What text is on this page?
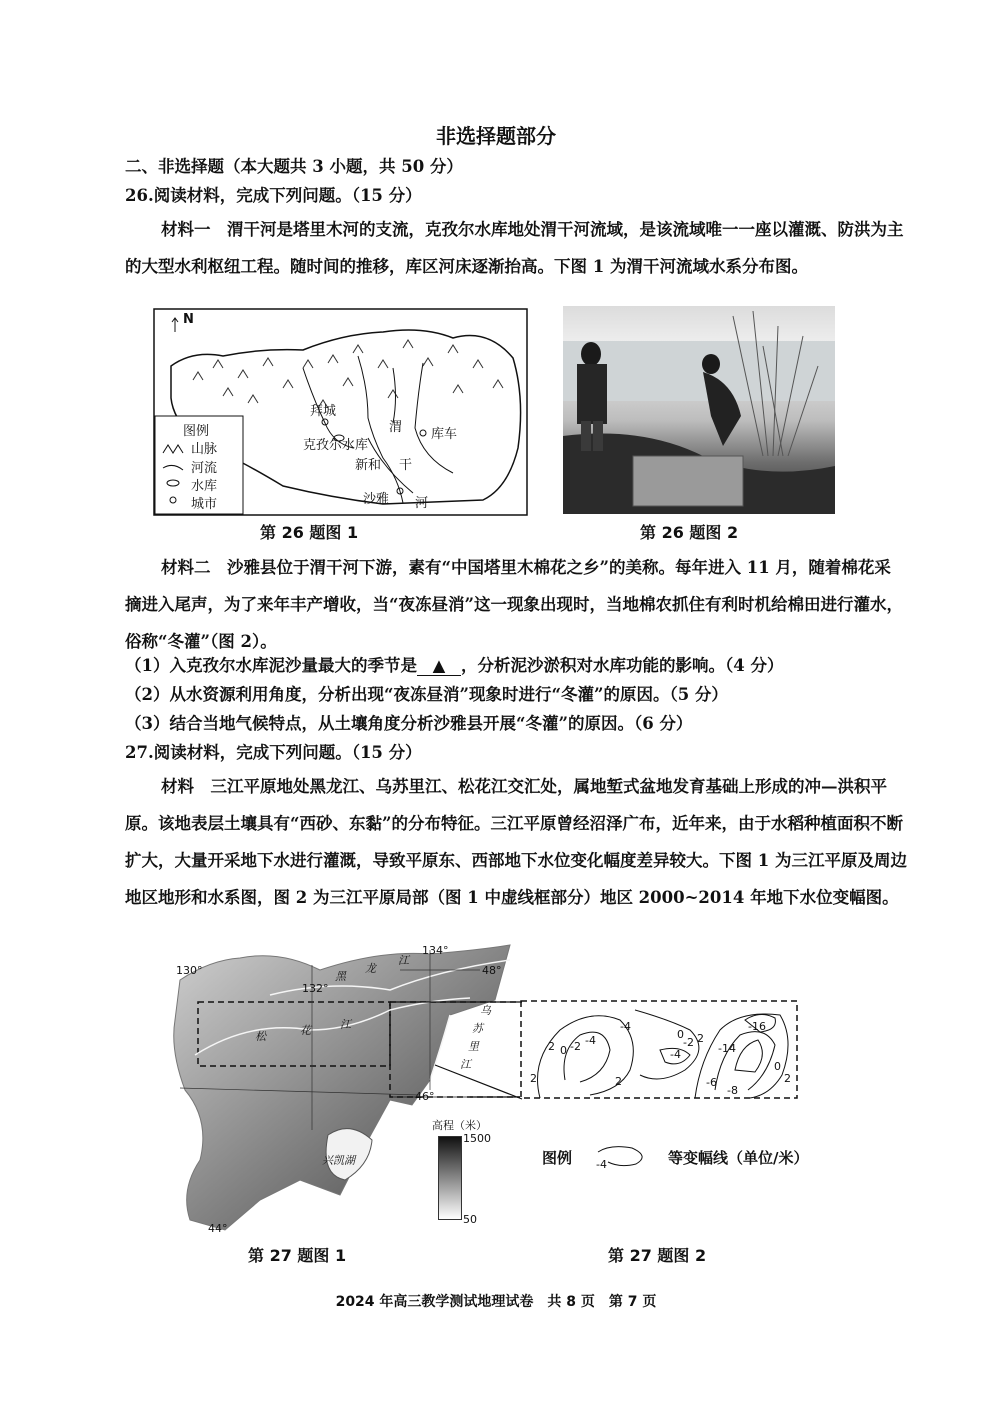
非选择题部分
二、非选择题（本大题共 3 小题，共 50 分）
26.阅读材料，完成下列问题。（15 分）
材料一　渭干河是塔里木河的支流，克孜尔水库地处渭干河流域，是该流域唯一一座以灌溉、防洪为主的大型水利枢纽工程。随时间的推移，库区河床逐渐抬高。下图 1 为渭干河流域水系分布图。
N
图例
山脉
河流
水库
城市
拜城
克孜尔水库
库车
新和
沙雅
渭
干
河
第 26 题图 1	第 26 题图 2
材料二　沙雅县位于渭干河下游，素有“中国塔里木棉花之乡”的美称。每年进入 11 月，随着棉花采摘进入尾声，为了来年丰产增收，当“夜冻昼消”这一现象出现时，当地棉农抓住有利时机给棉田进行灌水，俗称“冬灌”（图 2）。
（1）入克孜尔水库泥沙量最大的季节是 ▲ ，分析泥沙淤积对水库功能的影响。（4 分）
（2）从水资源利用角度，分析出现“夜冻昼消”现象时进行“冬灌”的原因。（5 分）
（3）结合当地气候特点，从土壤角度分析沙雅县开展“冬灌”的原因。（6 分）
27.阅读材料，完成下列问题。（15 分）
材料　三江平原地处黑龙江、乌苏里江、松花江交汇处，属地堑式盆地发育基础上形成的冲—洪积平原。该地表层土壤具有“西砂、东黏”的分布特征。三江平原曾经沼泽广布，近年来，由于水稻种植面积不断扩大，大量开采地下水进行灌溉，导致平原东、西部地下水位变化幅度差异较大。下图 1 为三江平原及周边地区地形和水系图，图 2 为三江平原局部（图 1 中虚线框部分）地区 2000~2014 年地下水位变幅图。
130°
132°
134°
48°
46°
44°
黑
龙
江
松	花	江
乌
苏
里
江
兴凯湖
高程（米）
1500
50
2 0 -2 -4
-4
0
-2 2
-4
-16
-14
0
2
-6
-8
2	2
图例 -4	等变幅线（单位/米）
第 27 题图 1	第 27 题图 2
2024 年高三教学测试地理试卷　共 8 页　第 7 页
